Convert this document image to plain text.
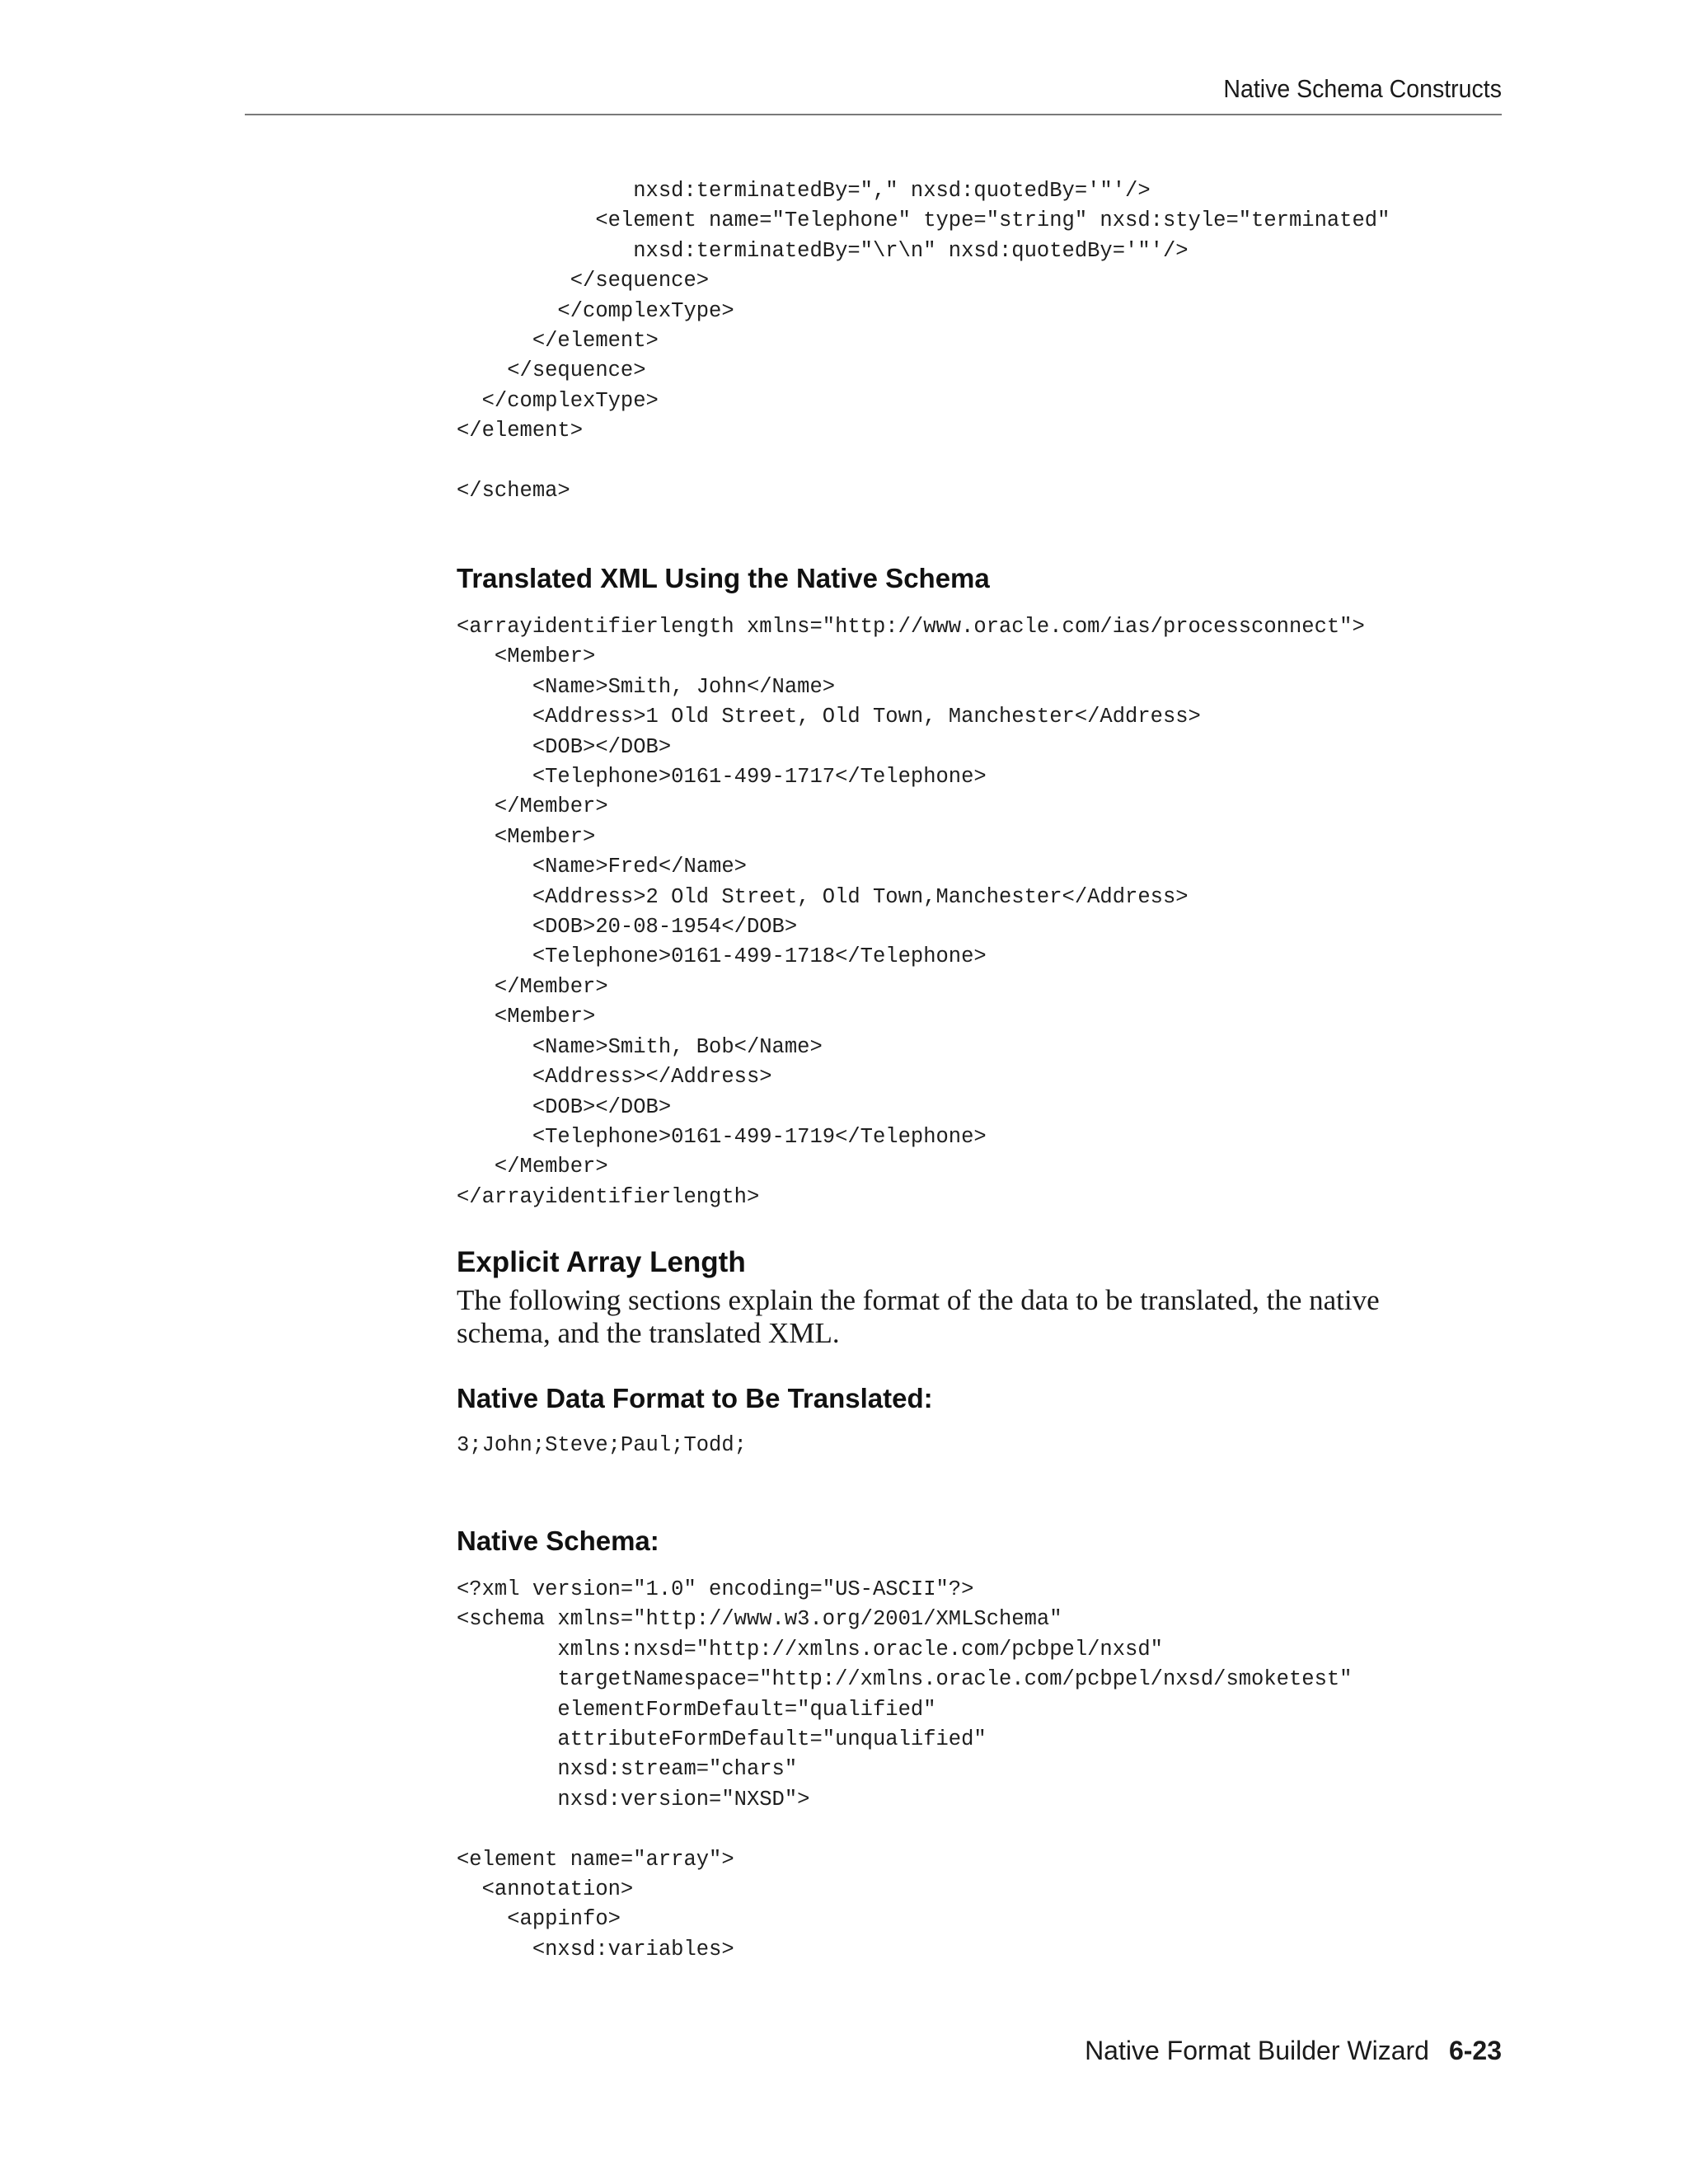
Native Schema Constructs
nxsd:terminatedBy="," nxsd:quotedBy='"'/>
<element name="Telephone" type="string" nxsd:style="terminated"
nxsd:terminatedBy="\r\n" nxsd:quotedBy='"'/>
</sequence>
</complexType>
</element>
</sequence>
</complexType>
</element>

</schema>
Translated XML Using the Native Schema
<arrayidentifierlength xmlns="http://www.oracle.com/ias/processconnect">
<Member>
<Name>Smith, John</Name>
<Address>1 Old Street, Old Town, Manchester</Address>
<DOB></DOB>
<Telephone>0161-499-1717</Telephone>
</Member>
<Member>
<Name>Fred</Name>
<Address>2 Old Street, Old Town,Manchester</Address>
<DOB>20-08-1954</DOB>
<Telephone>0161-499-1718</Telephone>
</Member>
<Member>
<Name>Smith, Bob</Name>
<Address></Address>
<DOB></DOB>
<Telephone>0161-499-1719</Telephone>
</Member>
</arrayidentifierlength>
Explicit Array Length

The following sections explain the format of the data to be translated, the native schema, and the translated XML.

Native Data Format to Be Translated:
3;John;Steve;Paul;Todd;
Native Schema:
<?xml version="1.0" encoding="US-ASCII"?>
<schema xmlns="http://www.w3.org/2001/XMLSchema"
xmlns:nxsd="http://xmlns.oracle.com/pcbpel/nxsd"
targetNamespace="http://xmlns.oracle.com/pcbpel/nxsd/smoketest"
elementFormDefault="qualified"
attributeFormDefault="unqualified"
nxsd:stream="chars"
nxsd:version="NXSD">

<element name="array">
<annotation>
<appinfo>
<nxsd:variables>
Native Format Builder Wizard 6-23
